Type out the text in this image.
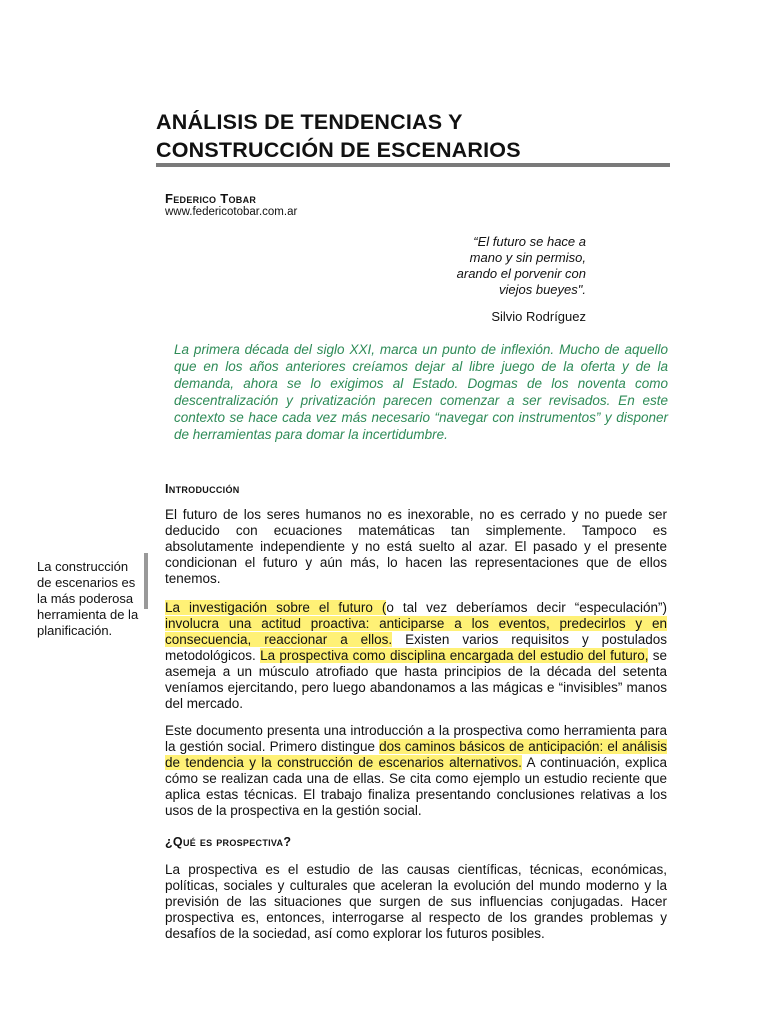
ANÁLISIS DE TENDENCIAS Y
CONSTRUCCIÓN DE ESCENARIOS
Federico Tobar
www.federicotobar.com.ar
“El futuro se hace a
mano y sin permiso,
arando el porvenir con
viejos bueyes".
Silvio Rodríguez
La primera década del siglo XXI, marca un punto de inflexión. Mucho de aquello que en los años anteriores creíamos dejar al libre juego de la oferta y de la demanda, ahora se lo exigimos al Estado. Dogmas de los noventa como descentralización y privatización parecen comenzar a ser revisados. En este contexto se hace cada vez más necesario “navegar con instrumentos” y disponer de herramientas para domar la incertidumbre.
Introducción

El futuro de los seres humanos no es inexorable, no es cerrado y no puede ser deducido con ecuaciones matemáticas tan simplemente. Tampoco es absolutamente independiente y no está suelto al azar. El pasado y el presente condicionan el futuro y aún más, lo hacen las representaciones que de ellos tenemos.

La investigación sobre el futuro (o tal vez deberíamos decir “especulación”) involucra una actitud proactiva: anticiparse a los eventos, predecirlos y en consecuencia, reaccionar a ellos. Existen varios requisitos y postulados metodológicos. La prospectiva como disciplina encargada del estudio del futuro, se asemeja a un músculo atrofiado que hasta principios de la década del setenta veníamos ejercitando, pero luego abandonamos a las mágicas e “invisibles” manos del mercado.

Este documento presenta una introducción a la prospectiva como herramienta para la gestión social. Primero distingue dos caminos básicos de anticipación: el análisis de tendencia y la construcción de escenarios alternativos. A continuación, explica cómo se realizan cada una de ellas. Se cita como ejemplo un estudio reciente que aplica estas técnicas. El trabajo finaliza presentando conclusiones relativas a los usos de la prospectiva en la gestión social.

La construcción de escenarios es la más poderosa herramienta de la planificación.
¿Qué es prospectiva?

La prospectiva es el estudio de las causas científicas, técnicas, económicas, políticas, sociales y culturales que aceleran la evolución del mundo moderno y la previsión de las situaciones que surgen de sus influencias conjugadas. Hacer prospectiva es, entonces, interrogarse al respecto de los grandes problemas y desafíos de la sociedad, así como explorar los futuros posibles.
